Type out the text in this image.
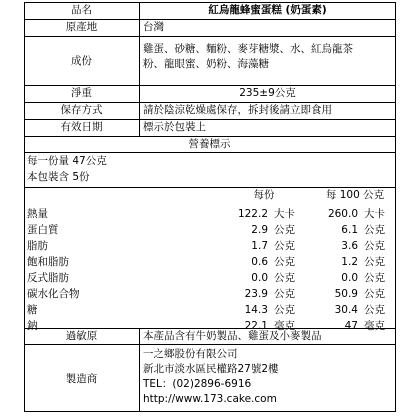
品名	紅烏龍蜂蜜蛋糕 (奶蛋素)
原產地	台灣
成份
雞蛋、砂糖、麵粉、麥芽糖漿、水、紅烏龍茶
粉、龍眼蜜、奶粉、海藻糖
淨重	235±9公克
保存方式	請於陰涼乾燥處保存，拆封後請立即食用
有效日期	標示於包裝上
營養標示
每一份量 47公克
本包裝含 5份
每份	每 100 公克
熱量	122.2 大卡	260.0 大卡
蛋白質	2.9 公克	6.1 公克
脂肪	1.7 公克	3.6 公克
飽和脂肪	0.6 公克	1.2 公克
反式脂肪	0.0 公克	0.0 公克
碳水化合物	23.9 公克	50.9 公克
糖	14.3 公克	30.4 公克
鈉	22.1 毫克	47 毫克
過敏原	本產品含有牛奶製品、雞蛋及小麥製品
製造商
一之鄉股份有限公司
新北市淡水區民權路27號2樓
TEL：(02)2896-6916
http://www.173.cake.com
